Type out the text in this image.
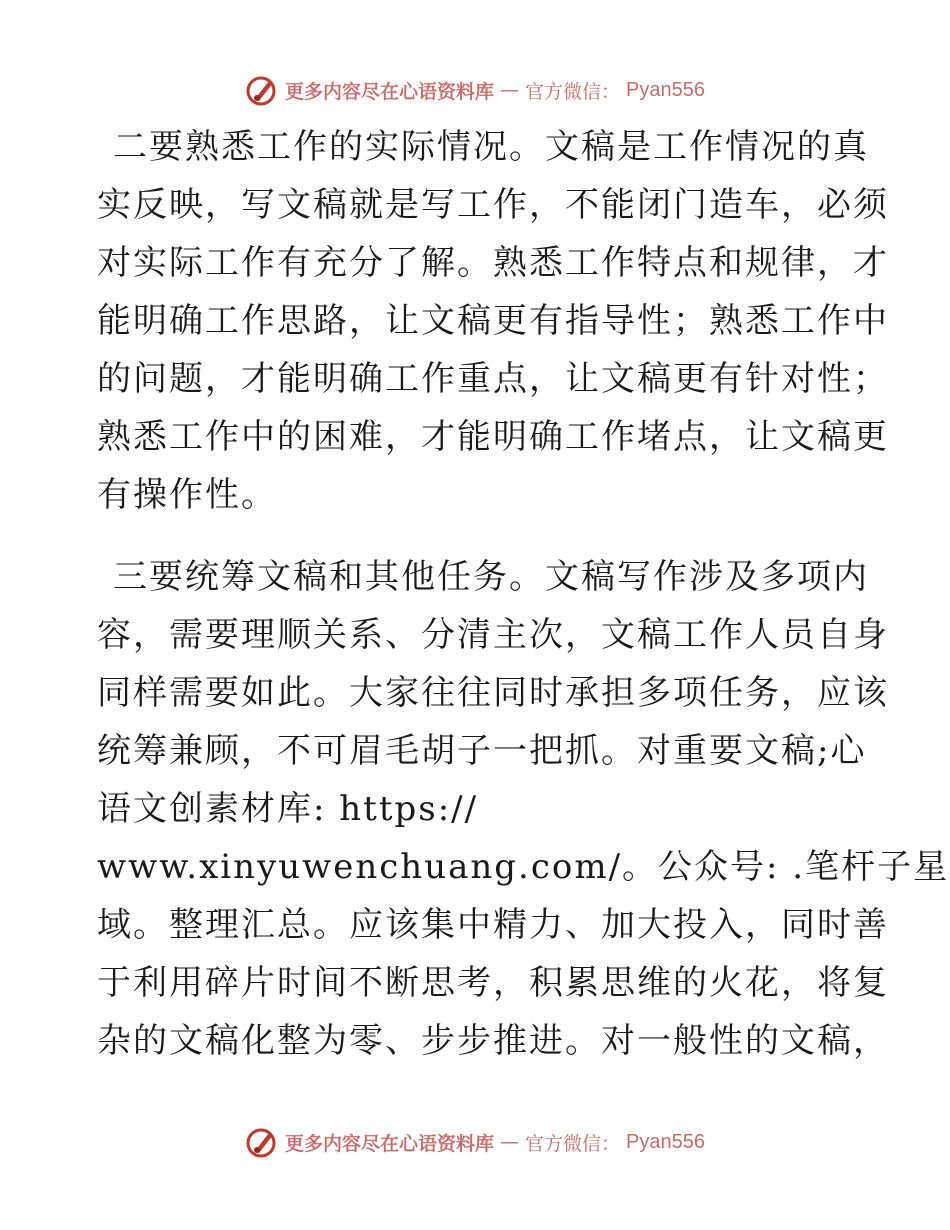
更多内容尽在心语资料库 — 官方微信： Pyan556
二要熟悉工作的实际情况。文稿是工作情况的真
实反映，写文稿就是写工作，不能闭门造车，必须
对实际工作有充分了解。熟悉工作特点和规律，才
能明确工作思路，让文稿更有指导性；熟悉工作中
的问题，才能明确工作重点，让文稿更有针对性；
熟悉工作中的困难，才能明确工作堵点，让文稿更
有操作性。
三要统筹文稿和其他任务。文稿写作涉及多项内
容，需要理顺关系、分清主次，文稿工作人员自身
同样需要如此。大家往往同时承担多项任务，应该
统筹兼顾，不可眉毛胡子一把抓。对重要文稿;心
语文创素材库: https://
www.xinyuwenchuang.com/。公众号: .笔杆子星
域。整理汇总。应该集中精力、加大投入，同时善
于利用碎片时间不断思考，积累思维的火花，将复
杂的文稿化整为零、步步推进。对一般性的文稿，
更多内容尽在心语资料库 — 官方微信： Pyan556
